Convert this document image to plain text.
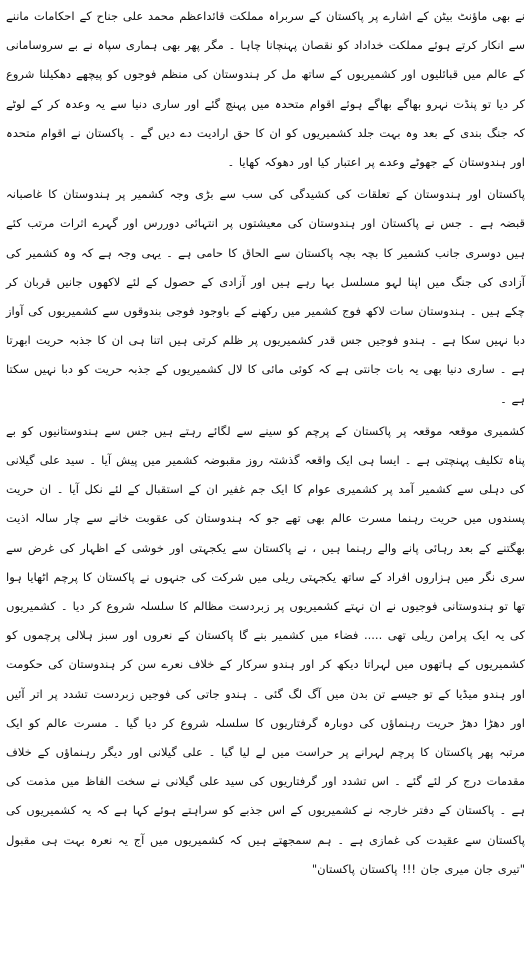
نے بھی ماؤنٹ بیٹن کے اشارے پر پاکستان کے سربراہ مملکت قائداعظم محمد علی جناح کے احکامات ماننے سے انکار کرتے ہوئے مملکت خداداد کو نقصان پہنچانا چاہا ۔ مگر پھر بھی ہماری سپاہ نے بے سروسامانی کے عالم میں قبائلیوں اور کشمیریوں کے ساتھ مل کر ہندوستان کی منظم فوجوں کو پیچھے دھکیلنا شروع کر دیا تو پنڈت نہرو بھاگے بھاگے ہوئے اقوام متحدہ میں پہنچ گئے اور ساری دنیا سے یہ وعدہ کر کے لوٹے کہ جنگ بندی کے بعد وہ بہت جلد کشمیریوں کو ان کا حق ارادیت دے دیں گے ۔ پاکستان نے اقوام متحدہ اور ہندوستان کے جھوٹے وعدے پر اعتبار کیا اور دھوکہ کھایا ۔

پاکستان اور ہندوستان کے تعلقات کی کشیدگی کی سب سے بڑی وجہ کشمیر پر ہندوستان کا غاصبانہ قبضہ ہے ۔ جس نے پاکستان اور ہندوستان کی معیشتوں پر انتہائی دوررس اور گہرے اثرات مرتب کئے ہیں دوسری جانب کشمیر کا بچہ بچہ پاکستان سے الحاق کا حامی ہے ۔ یہی وجہ ہے کہ وہ کشمیر کی آزادی کی جنگ میں اپنا لہو مسلسل بہا رہے ہیں اور آزادی کے حصول کے لئے لاکھوں جانیں قربان کر چکے ہیں ۔ ہندوستان سات لاکھ فوج کشمیر میں رکھنے کے باوجود فوجی بندوقوں سے کشمیریوں کی آواز دبا نہیں سکا ہے ۔ ہندو فوجیں جس قدر کشمیریوں پر ظلم کرتی ہیں اتنا ہی ان کا جذبہ حریت ابھرتا ہے ۔ ساری دنیا بھی یہ بات جانتی ہے کہ کوئی مائی کا لال کشمیریوں کے جذبہ حریت کو دبا نہیں سکتا ہے ۔

کشمیری موقعہ موقعہ پر پاکستان کے پرچم کو سینے سے لگائے رہتے ہیں جس سے ہندوستانیوں کو بے پناہ تکلیف پہنچتی ہے ۔ ایسا ہی ایک واقعہ گذشتہ روز مقبوضہ کشمیر میں پیش آیا ۔ سید علی گیلانی کی دہلی سے کشمیر آمد پر کشمیری عوام کا ایک جم غفیر ان کے استقبال کے لئے نکل آیا ۔ ان حریت پسندوں میں حریت رہنما مسرت عالم بھی تھے جو کہ ہندوستان کی عقوبت خانے سے چار سالہ اذیت بھگتنے کے بعد رہائی پانے والے رہنما ہیں ، نے پاکستان سے یکجہتی اور خوشی کے اظہار کی غرض سے سری نگر میں ہزاروں افراد کے ساتھ یکجہتی ریلی میں شرکت کی جنہوں نے پاکستان کا پرچم اٹھایا ہوا تھا تو ہندوستانی فوجیوں نے ان نہتے کشمیریوں پر زبردست مظالم کا سلسلہ شروع کر دیا ۔ کشمیریوں کی یہ ایک پرامن ریلی تھی ..... فضاء میں کشمیر بنے گا پاکستان کے نعروں اور سبز ہلالی پرچموں کو کشمیریوں کے ہاتھوں میں لہراتا دیکھ کر اور ہندو سرکار کے خلاف نعرے سن کر ہندوستان کی حکومت اور ہندو میڈیا کے تو جیسے تن بدن میں آگ لگ گئی ۔ ہندو جاتی کی فوجیں زبردست تشدد پر اتر آئیں اور دھڑا دھڑ حریت رہنماؤں کی دوبارہ گرفتاریوں کا سلسلہ شروع کر دیا گیا ۔ مسرت عالم کو ایک مرتبہ پھر پاکستان کا پرچم لہرانے پر حراست میں لے لیا گیا ۔ علی گیلانی اور دیگر رہنماؤں کے خلاف مقدمات درج کر لئے گئے ۔ اس تشدد اور گرفتاریوں کی سید علی گیلانی نے سخت الفاظ میں مذمت کی ہے ۔ پاکستان کے دفتر خارجہ نے کشمیریوں کے اس جذبے کو سراہتے ہوئے کہا ہے کہ یہ کشمیریوں کی پاکستان سے عقیدت کی غمازی ہے ۔ ہم سمجھتے ہیں کہ کشمیریوں میں آج یہ نعرہ بہت ہی مقبول "تیری جان میری جان !!! پاکستان پاکستان"
